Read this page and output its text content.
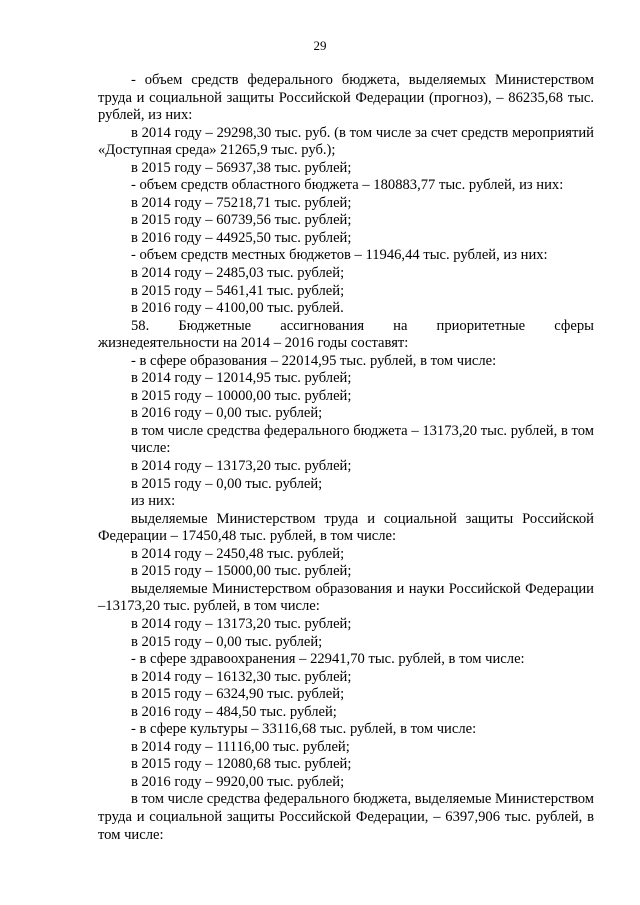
29

- объем средств федерального бюджета, выделяемых Министерством труда и социальной защиты Российской Федерации (прогноз), – 86235,68 тыс. рублей, из них:

в 2014 году – 29298,30 тыс. руб. (в том числе за счет средств мероприятий «Доступная среда» 21265,9 тыс. руб.);

в 2015 году – 56937,38 тыс. рублей;

- объем средств областного бюджета – 180883,77 тыс. рублей, из них:

в 2014 году – 75218,71 тыс. рублей;

в 2015 году – 60739,56 тыс. рублей;

в 2016 году – 44925,50 тыс. рублей;

- объем средств местных бюджетов – 11946,44 тыс. рублей, из них:

в 2014 году – 2485,03 тыс. рублей;

в 2015 году – 5461,41 тыс. рублей;

в 2016 году – 4100,00 тыс. рублей.

58. Бюджетные ассигнования на приоритетные сферы

жизнедеятельности на 2014 – 2016 годы составят:

- в сфере образования – 22014,95 тыс. рублей, в том числе:

в 2014 году – 12014,95 тыс. рублей;

в 2015 году – 10000,00 тыс. рублей;

в 2016 году – 0,00 тыс. рублей;

в том числе средства федерального бюджета – 13173,20 тыс. рублей, в том числе:

в 2014 году – 13173,20 тыс. рублей;

в 2015 году – 0,00 тыс. рублей;

из них:

выделяемые Министерством труда и социальной защиты Российской Федерации – 17450,48 тыс. рублей, в том числе:

в 2014 году – 2450,48 тыс. рублей;

в 2015 году – 15000,00 тыс. рублей;

выделяемые Министерством образования и науки Российской Федерации –13173,20 тыс. рублей, в том числе:

в 2014 году – 13173,20 тыс. рублей;

в 2015 году – 0,00 тыс. рублей;

- в сфере здравоохранения – 22941,70 тыс. рублей, в том числе:

в 2014 году – 16132,30 тыс. рублей;

в 2015 году – 6324,90 тыс. рублей;

в 2016 году – 484,50 тыс. рублей;

- в сфере культуры – 33116,68 тыс. рублей, в том числе:

в 2014 году – 11116,00 тыс. рублей;

в 2015 году – 12080,68 тыс. рублей;

в 2016 году – 9920,00 тыс. рублей;

в том числе средства федерального бюджета, выделяемые Министерством труда и социальной защиты Российской Федерации, – 6397,906 тыс. рублей, в том числе:
